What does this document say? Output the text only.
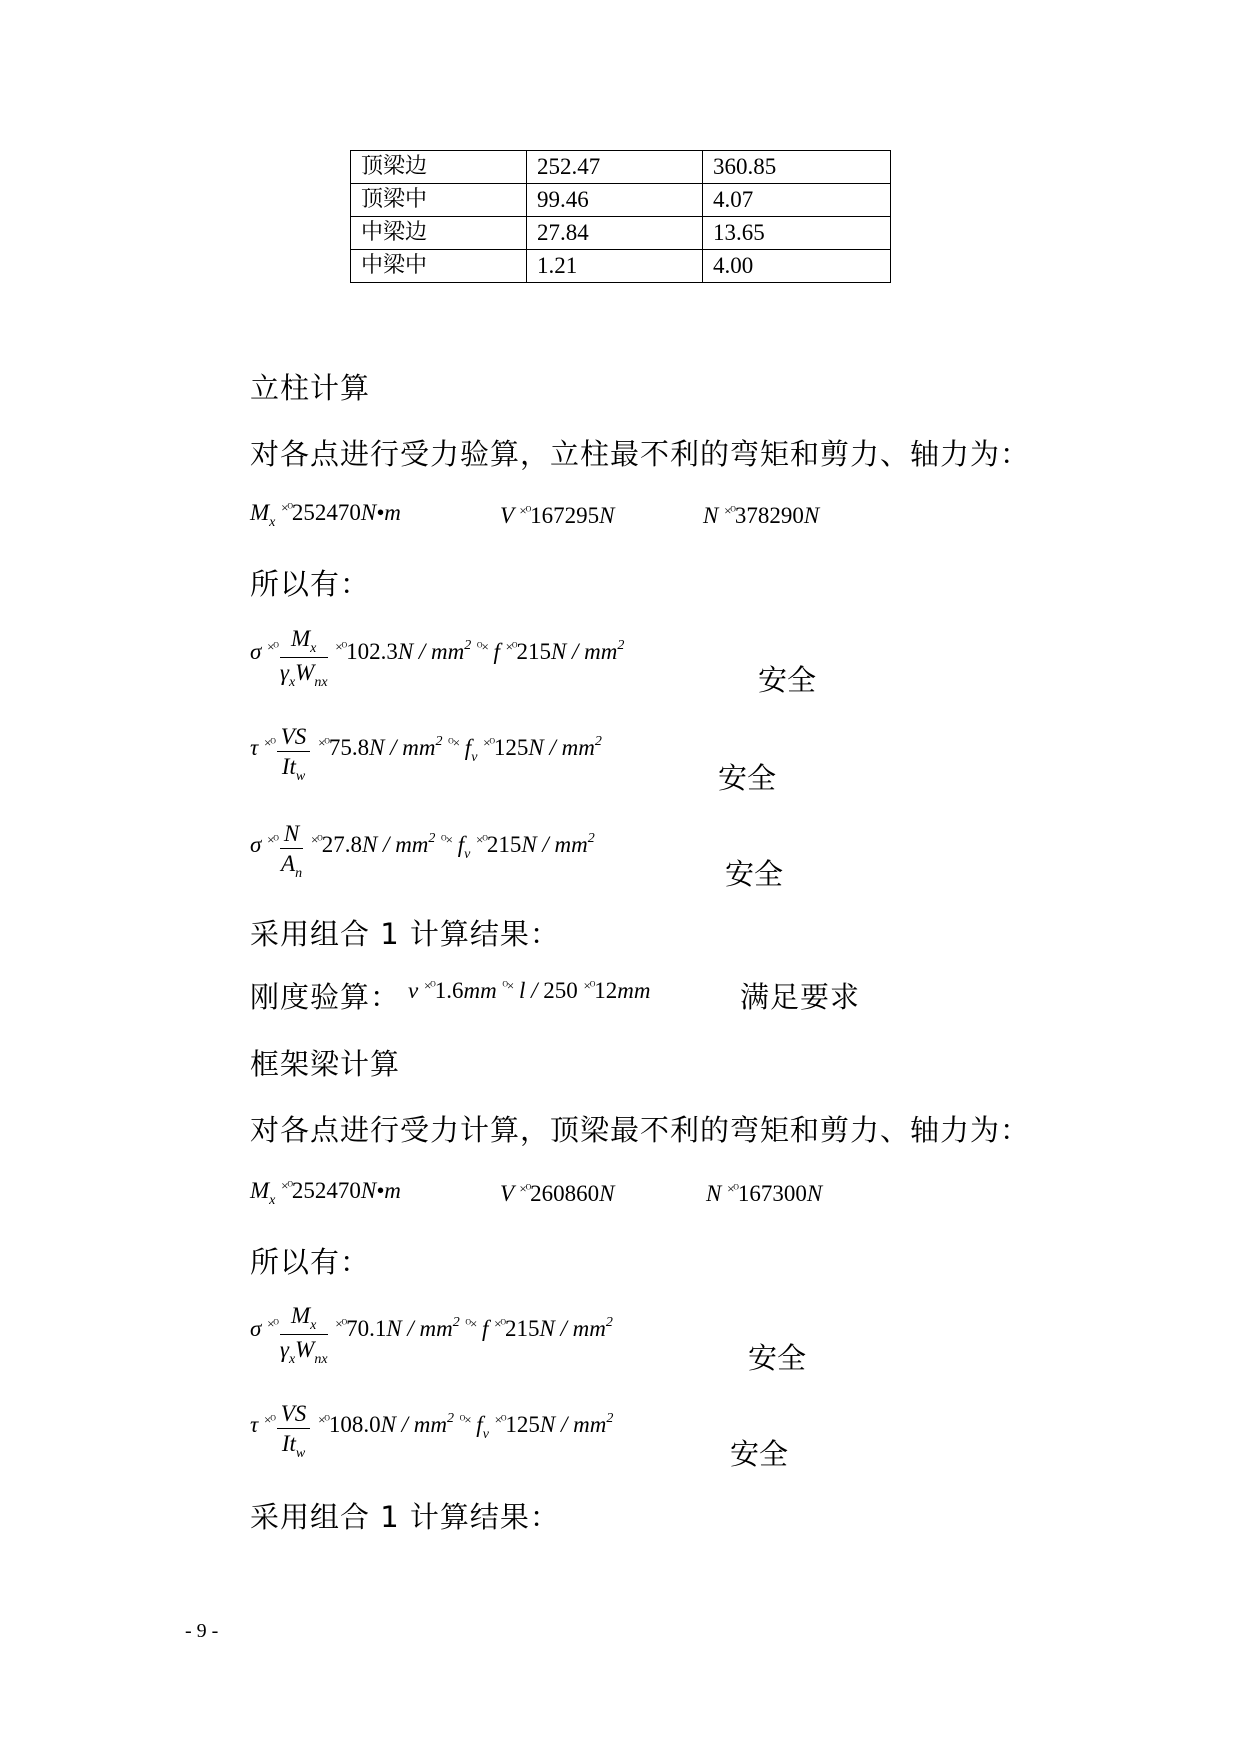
顶梁边	252.47	360.85
顶梁中	99.46	4.07
中梁边	27.84	13.65
中梁中	1.21	4.00
立柱计算
对各点进行受力验算，立柱最不利的弯矩和剪力、轴力为：
$M_x$ $^{\times ᴼ}$252470N•m	V $^{\times ᴼ}$167295N	N $^{\times ᴼ}$378290N
所以有：
σ $^{\times ᴼ} \frac{M_x}{\gamma_xW_{nx}} ^{\times ᴼ}102.3N / mm^2$ $^{ᴼ\times}$ f $^{\times ᴼ}215N / mm^2$
安全
τ $^{\times ᴼ} \frac{VS}{It_w} ^{\times ᴼ}75.8N / mm^2$ $^{ᴼ\times}$ $f_v$ $^{\times ᴼ}125N / mm^2$
安全
σ $^{\times ᴼ} \frac{N}{A_n} ^{\times ᴼ}27.8N / mm^2$ $^{ᴼ\times}$ $f_v$ $^{\times ᴼ}215N / mm^2$
安全
采用组合 1 计算结果：
刚度验算： v $^{\times ᴼ}$1.6mm $^{ᴼ\times}$ l / 250 $^{\times ᴼ}$12mm	满足要求
框架梁计算
对各点进行受力计算，顶梁最不利的弯矩和剪力、轴力为：
$M_x$ $^{\times ᴼ}$252470N•m	V $^{\times ᴼ}$260860N	N $^{\times ᴼ}$167300N
所以有：
σ $^{\times ᴼ} \frac{M_x}{\gamma_xW_{nx}} ^{\times ᴼ}70.1N / mm^2$ $^{ᴼ\times}$ f $^{\times ᴼ}215N / mm^2$
安全
τ $^{\times ᴼ} \frac{VS}{It_w} ^{\times ᴼ}108.0N / mm^2$ $^{ᴼ\times}$ $f_v$ $^{\times ᴼ}125N / mm^2$
安全
采用组合 1 计算结果：
- 9 -
